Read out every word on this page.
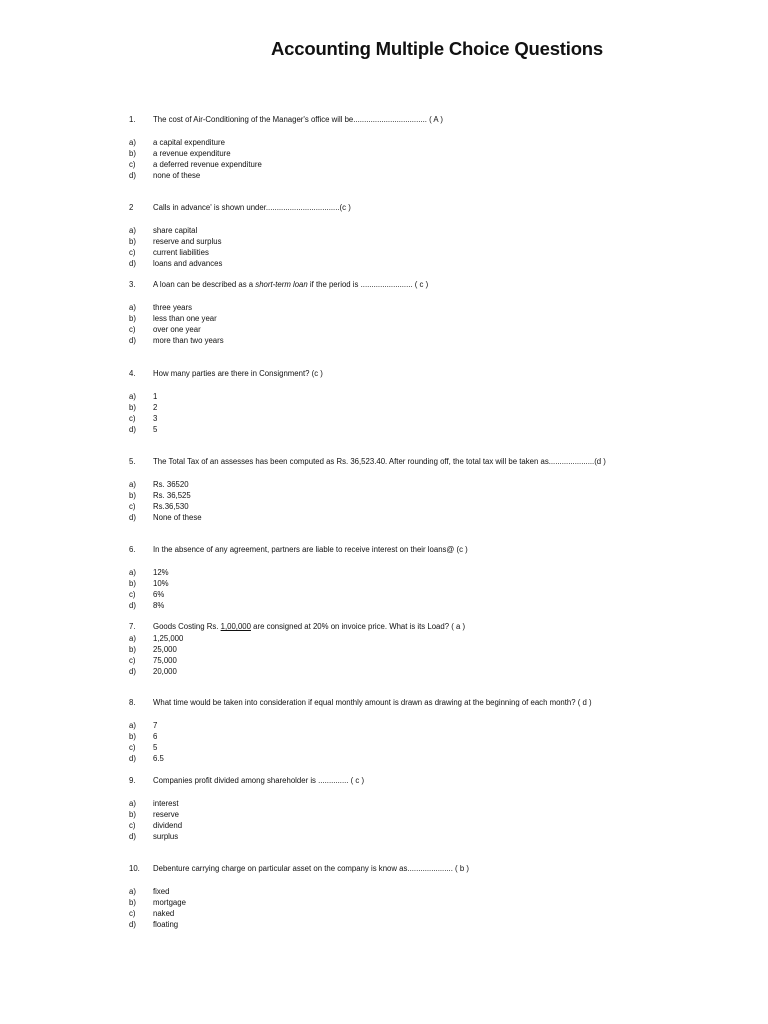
Accounting Multiple Choice Questions
1. The cost of Air-Conditioning of the Manager's office will be.................................. ( A )
a) a capital expenditure
b) a revenue expenditure
c) a deferred revenue expenditure
d) none of these
2	Calls in advance' is shown under..................................(c )
a) share capital
b) reserve and surplus
c) current liabilities
d) loans and advances
3. A loan can be described as a short-term loan if the period is ........................ ( c )
a) three years
b) less than one year
c) over one year
d) more than two years
4. How many parties are there in Consignment? (c )
a) 1
b) 2
c) 3
d) 5
5. The Total Tax of an assesses has been computed as Rs. 36,523.40. After rounding off, the total tax will be taken as.....................(d )
a) Rs. 36520
b) Rs. 36,525
c) Rs.36,530
d) None of these
6. In the absence of any agreement, partners are liable to receive interest on their loans@ (c )
a) 12%
b) 10%
c) 6%
d) 8%
7. Goods Costing Rs. 1,00,000 are consigned at 20% on invoice price. What is its Load? ( a )
a) 1,25,000
b) 25,000
c) 75,000
d) 20,000
8. What time would be taken into consideration if equal monthly amount is drawn as drawing at the beginning of each month? ( d )
a) 7
b) 6
c) 5
d) 6.5
9. Companies profit divided among shareholder is .............. ( c )
a) interest
b) reserve
c) dividend
d) surplus
10. Debenture carrying charge on particular asset on the company is know as..................... ( b )
a) fixed
b) mortgage
c) naked
d) floating
